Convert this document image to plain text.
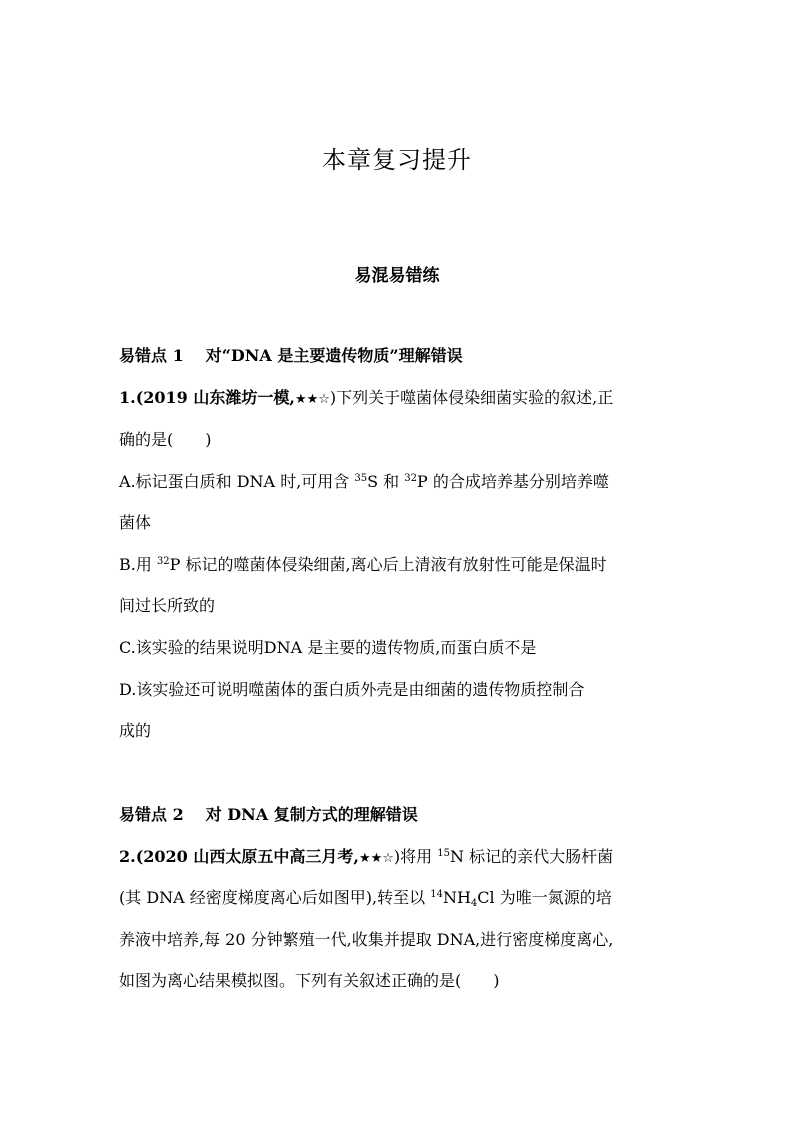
本章复习提升
易混易错练
易错点 1 对“DNA 是主要遗传物质”理解错误
1.(2019 山东潍坊一模,★★☆)下列关于噬菌体侵染细菌实验的叙述,正
确的是(　　)
A.标记蛋白质和 DNA 时,可用含 $^{35}$S 和 $^{32}$P 的合成培养基分别培养噬
菌体
B.用 $^{32}$P 标记的噬菌体侵染细菌,离心后上清液有放射性可能是保温时
间过长所致的
C.该实验的结果说明DNA 是主要的遗传物质,而蛋白质不是
D.该实验还可说明噬菌体的蛋白质外壳是由细菌的遗传物质控制合
成的
易错点 2 对 DNA 复制方式的理解错误
2.(2020 山西太原五中高三月考,★★☆)将用 $^{15}$N 标记的亲代大肠杆菌
(其 DNA 经密度梯度离心后如图甲),转至以 $^{14}NH_4Cl$ 为唯一氮源的培
养液中培养,每 20 分钟繁殖一代,收集并提取 DNA,进行密度梯度离心,
如图为离心结果模拟图。下列有关叙述正确的是(　　)
